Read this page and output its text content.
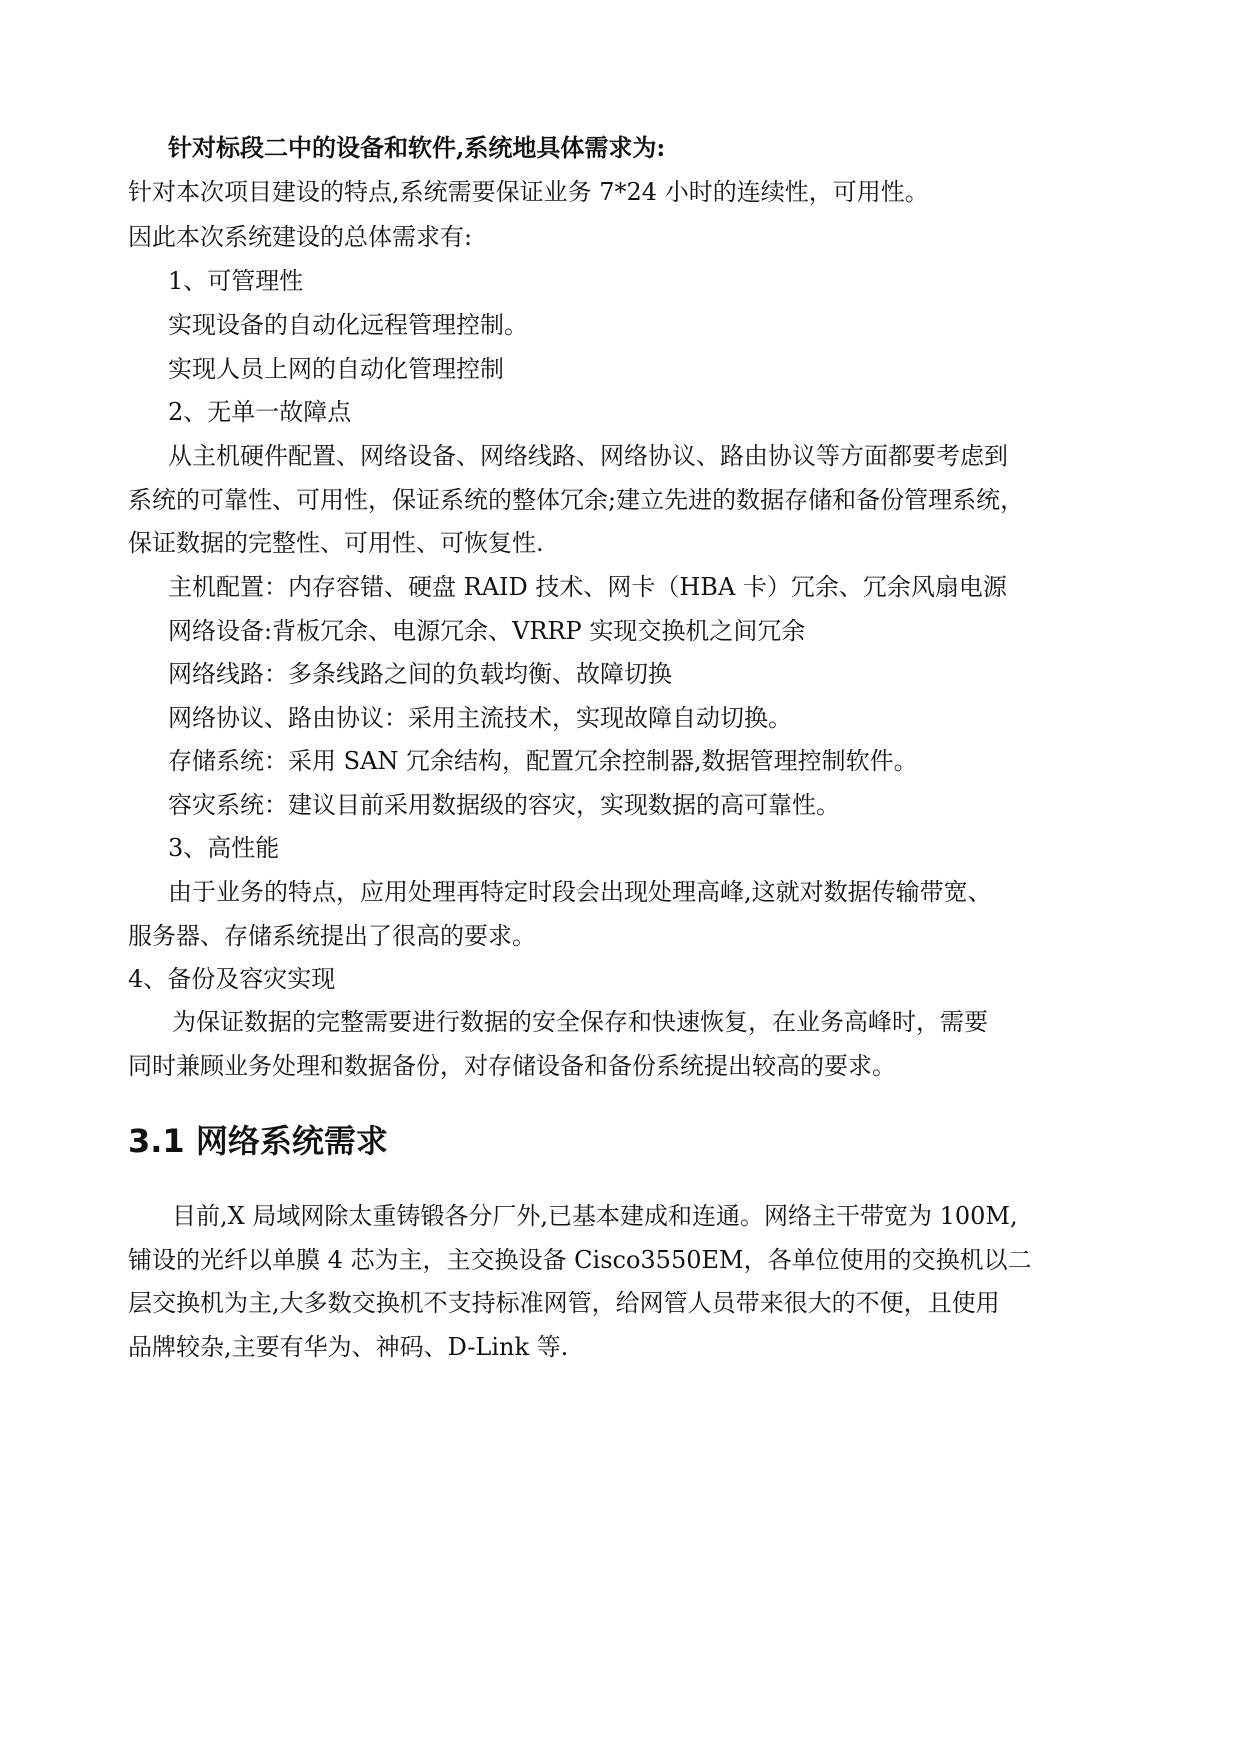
针对标段二中的设备和软件,系统地具体需求为:
针对本次项目建设的特点,系统需要保证业务 7*24 小时的连续性，可用性。
因此本次系统建设的总体需求有:
1、可管理性
实现设备的自动化远程管理控制。
实现人员上网的自动化管理控制
2、无单一故障点
从主机硬件配置、网络设备、网络线路、网络协议、路由协议等方面都要考虑到
系统的可靠性、可用性，保证系统的整体冗余;建立先进的数据存储和备份管理系统，
保证数据的完整性、可用性、可恢复性.
主机配置：内存容错、硬盘 RAID 技术、网卡（HBA 卡）冗余、冗余风扇电源
网络设备:背板冗余、电源冗余、VRRP 实现交换机之间冗余
网络线路：多条线路之间的负载均衡、故障切换
网络协议、路由协议：采用主流技术，实现故障自动切换。
存储系统：采用 SAN 冗余结构，配置冗余控制器,数据管理控制软件。
容灾系统：建议目前采用数据级的容灾，实现数据的高可靠性。
3、高性能
由于业务的特点，应用处理再特定时段会出现处理高峰,这就对数据传输带宽、
服务器、存储系统提出了很高的要求。
4、备份及容灾实现
为保证数据的完整需要进行数据的安全保存和快速恢复，在业务高峰时，需要
同时兼顾业务处理和数据备份，对存储设备和备份系统提出较高的要求。
3.1 网络系统需求
目前,X 局域网除太重铸锻各分厂外,已基本建成和连通。网络主干带宽为 100M,
铺设的光纤以单膜 4 芯为主，主交换设备 Cisco3550EM，各单位使用的交换机以二
层交换机为主,大多数交换机不支持标准网管，给网管人员带来很大的不便，且使用
品牌较杂,主要有华为、神码、D-Link 等.
